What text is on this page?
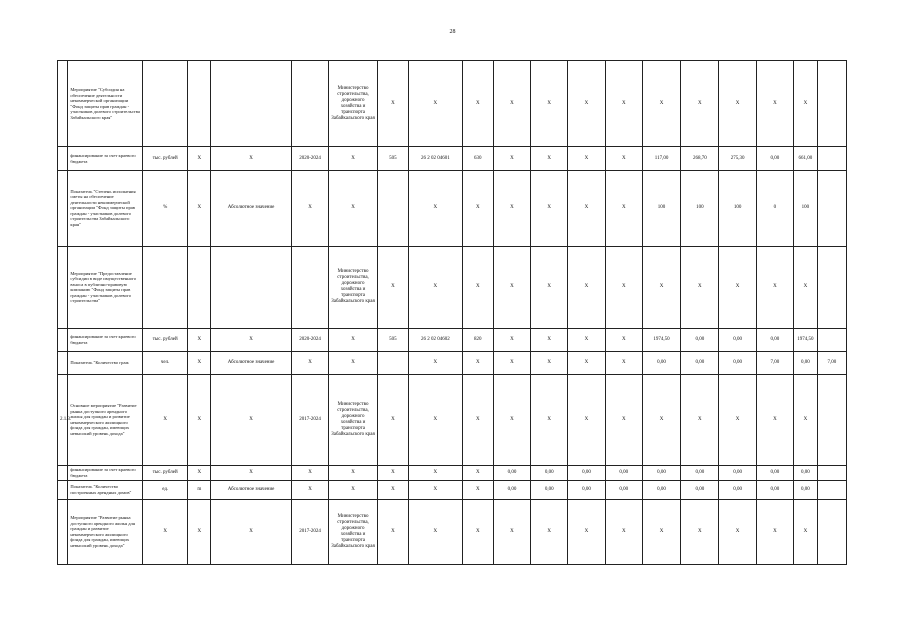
28
	Мероприятие "Субсидия на обеспечение деятельности некоммерческой организации "Фонд защиты прав граждан - участников долевого строительства Забайкальского края"					Министерство строительства, дорожного хозяйства и транспорта Забайкальского края	X	X	X	X	X	X	X	X	X	X	X	X	
	финансирование за счет краевого бюджета	тыс. рублей	X	X	2020-2024	X	505	26 2 02 04601	630	X	X	X	X	117,00	268,70	275,30	0,00	661,00	
	Показатель "Степень исполнения сметы на обеспечение деятельности некоммерческой организации "Фонд защиты прав граждан - участников долевого строительства Забайкальского края"	%	X	Абсолютное значение	X	X		X	X	X	X	X	X	100	100	100	0	100	
	Мероприятие "Предоставление субсидии в виде имущественного взноса в публично-правовую компанию "Фонд защиты прав граждан - участников долевого строительства"					Министерство строительства, дорожного хозяйства и транспорта Забайкальского края	X	X	X	X	X	X	X	X	X	X	X	X	
	финансирование за счет краевого бюджета	тыс. рублей	X	X	2020-2024	X	505	26 2 02 04602	820	X	X	X	X	1974,50	0,00	0,00	0,00	1974,50	
	Показатель "Количество граж	чел.	X	Абсолютное значение	X	X		X	X	X	X	X	X	0,00	0,00	0,00	7,00	0,00	7,00
2.1.3.	Основное мероприятие "Развитие рынка доступного арендного жилья для граждан и развитие некоммерческого жилищного фонда для граждан, имеющих невысокий уровень дохода"	X	X	X	2017-2024	Министерство строительства, дорожного хозяйства и транспорта Забайкальского края	X	X	X	X	X	X	X	X	X	X	X	X	
	финансирование за счет краевого бюджета	тыс. рублей	X	X	X	X	X	X	X	0,00	0,00	0,00	0,00	0,00	0,00	0,00	0,00	0,00	
	Показатель "Количество построенных арендных домов"	ед.	m	Абсолютное значение	X	X	X	X	X	0,00	0,00	0,00	0,00	0,00	0,00	0,00	0,00	0,00	
	Мероприятие "Развитие рынка доступного арендного жилья для граждан и развитие некоммерческого жилищного фонда для граждан, имеющих невысокий уровень дохода"	X	X	X	2017-2024	Министерство строительства, дорожного хозяйства и транспорта Забайкальского края	X	X	X	X	X	X	X	X	X	X	X	X	
